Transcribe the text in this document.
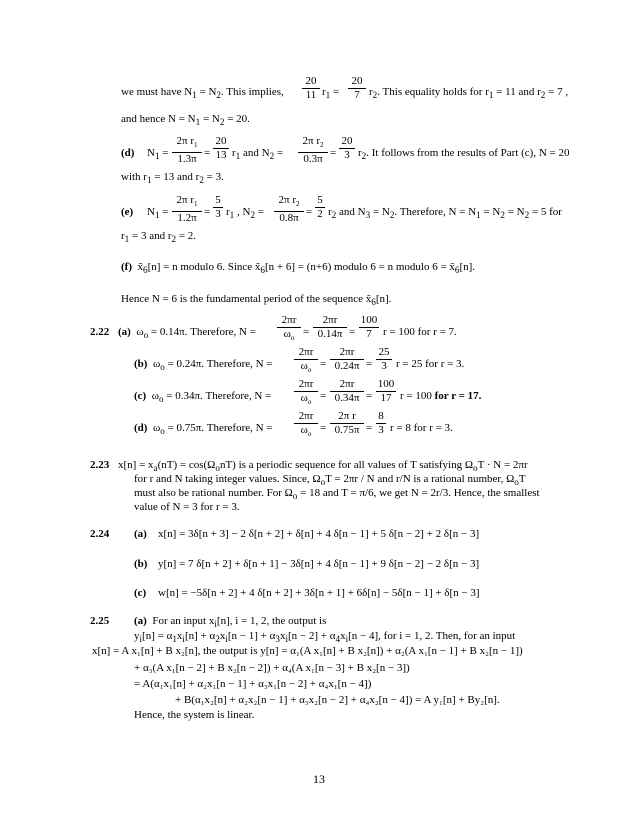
we must have $N_1 = N_2$. This implies,
20
11 $r_1$ =
20
7 $r_2$. This equality holds for $r_1 = 11$ and $r_2 = 7$ ,
and hence $N = N_1 = N_2 = 20$.
(d) $N_1$ =
2π $r_1$
1.3π
=
20
13 $r_1$ and $N_2$ =
2π $r_2$
0.3π
=
20
3 $r_2$. It follows from the results of Part (c), N = 20
with $r_1 = 13$ and $r_2 = 3$.
(e) $N_1$ =
2π $r_1$
1.2π
=
5
3 $r_1$ , $N_2$ =
2π $r_2$
0.8π
=
5
2 $r_2$ and $N_3 = N_2$. Therefore, $N = N_1 = N_2 = N_2 = 5$ for
$r_1 = 3$ and $r_2 = 2$.
(f) $x̃_6[n] = n$ modulo 6. Since $x̃_6[n + 6] = (n+6)$ modulo 6 = n modulo $6 = x̃_6[n]$.
Hence N = 6 is the fundamental period of the sequence $x̃_6[n]$.
2.22 (a) $\omega_o = 0.14\pi$. Therefore, N =
2πr
$\omega_o$
=
2πr
0.14π =
100
7	r = 100 for r = 7.
(b)  $\omega_o = 0.24\pi$. Therefore, N =
2πr
$\omega_o$
=
2πr
0.24π =
25
3 r = 25 for r = 3.
(c)  $\omega_o = 0.34\pi$. Therefore, N =
2πr
$\omega_o$
=
2πr
0.34π =
100
17 r = 100 for r = 17.
(d)  $\omega_o = 0.75\pi$. Therefore, N =
2πr
$\omega_o$
=
2π r
0.75π =
8
3 r = 8 for r = 3.
2.23 $x[n] = x_a(nT) = \cos(\Omega_onT)$ is a periodic sequence for all values of T satisfying $\Omega_oT \cdot N = 2\pi r$
for r and N taking integer values. Since, $\Omega_oT = 2\pi r / N$ and r/N is a rational number, $\Omega_oT$
must also be rational number. For $\Omega_o = 18$ and T = π/6, we get N = 2r/3. Hence, the smallest
value of N = 3 for r = 3.
2.24 (a) x[n] = 3δ[n + 3] − 2 δ[n + 2] + δ[n] + 4 δ[n − 1] + 5 δ[n − 2] + 2 δ[n − 3]
(b) y[n] = 7 δ[n + 2] + δ[n + 1] − 3δ[n] + 4 δ[n − 1] + 9 δ[n − 2] − 2 δ[n − 3]
(c) w[n] = −5δ[n + 2] + 4 δ[n + 2] + 3δ[n + 1] + 6δ[n] − 5δ[n − 1] + δ[n − 3]
2.25 (a) For an input $x_i[n]$, i = 1, 2, the output is
$y_i[n] = \alpha_1x_i[n] + \alpha_2x_i[n - 1] + \alpha_3x_i[n - 2] + \alpha_4x_i[n - 4]$, for i = 1, 2. Then, for an input
x[n] = A x₁[n] + B x₂[n], the output is y[n] = α₁(A x₁[n] + B x₂[n]) + α₂(A x₁[n − 1] + B x₂[n − 1])
+ α₃(A x₁[n − 2] + B x₂[n − 2]) + α₄(A x₁[n − 3] + B x₂[n − 3])
= A(α₁x₁[n] + α₂x₁[n − 1] + α₃x₁[n − 2] + α₄x₁[n − 4])
+ B(α₁x₂[n] + α₂x₂[n − 1] + α₃x₂[n − 2] + α₄x₂[n − 4]) = A y₁[n] + By₂[n].
Hence, the system is linear.
13
